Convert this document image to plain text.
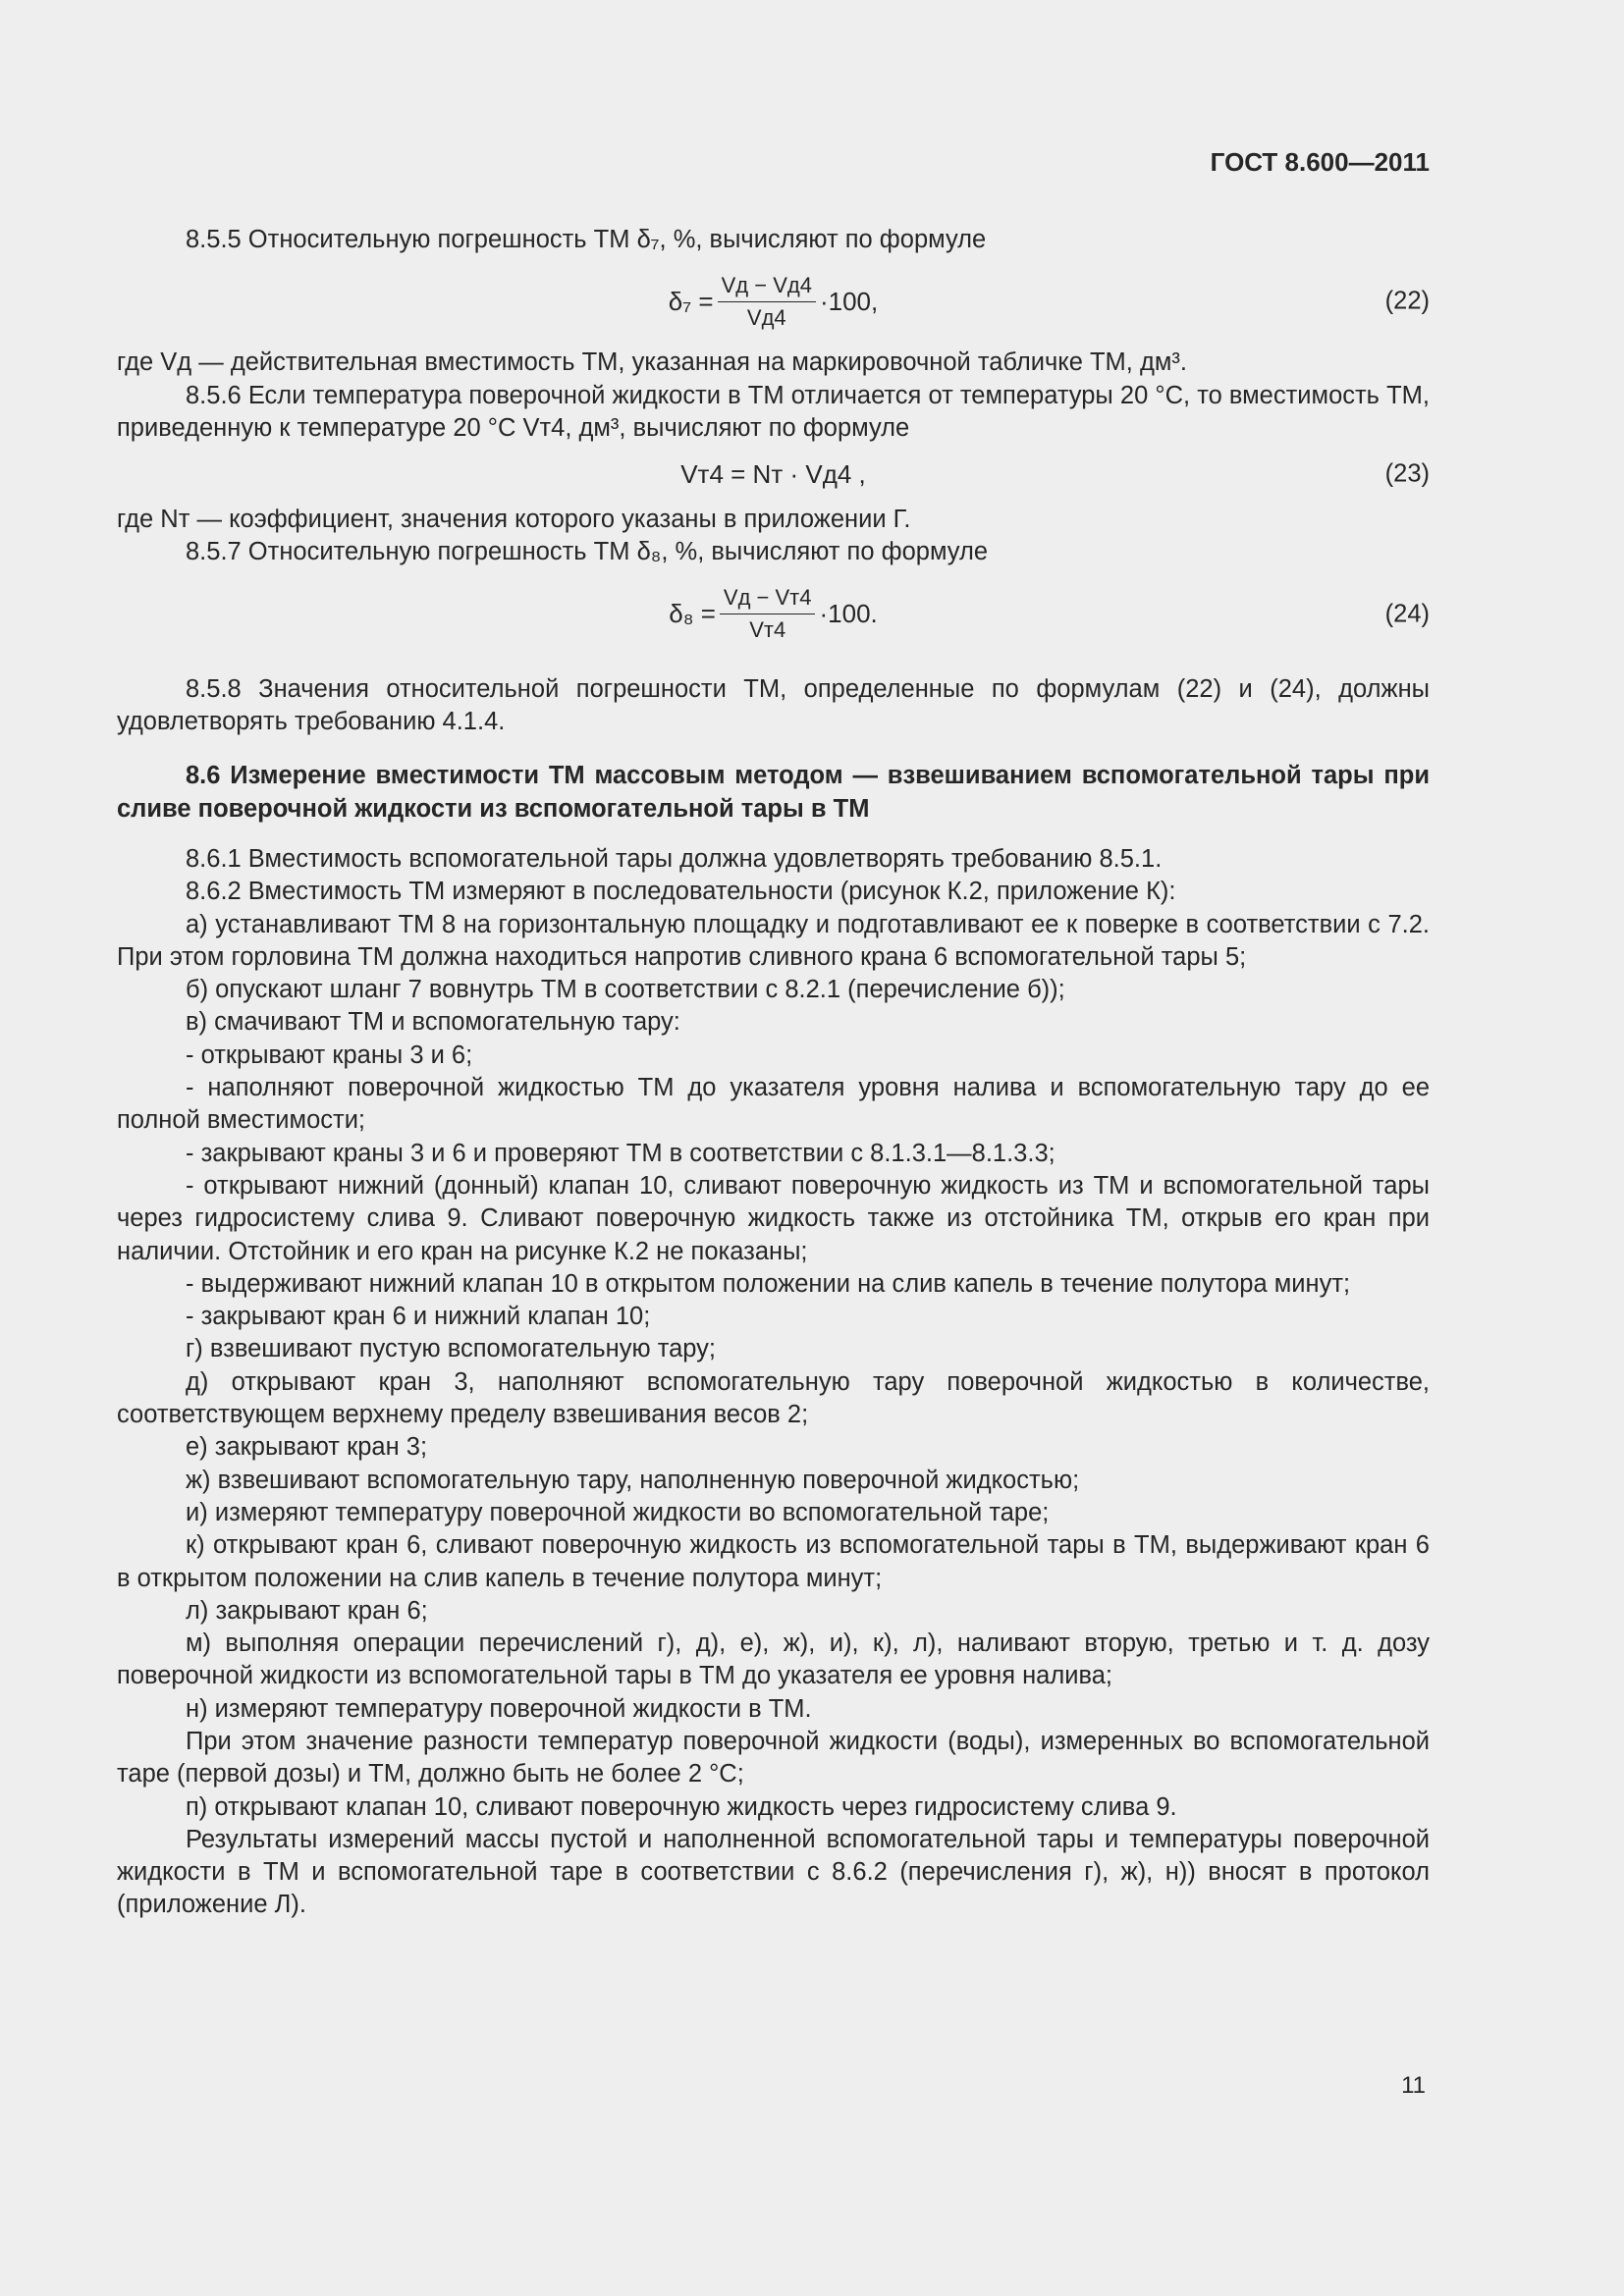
ГОСТ 8.600—2011

8.5.5 Относительную погрешность ТМ δ₇, %, вычисляют по формуле

$\delta_7 = \frac{Vд - Vд4}{Vд4} \cdot 100$,	(22)

где Vд — действительная вместимость ТМ, указанная на маркировочной табличке ТМ, дм³.

8.5.6 Если температура поверочной жидкости в ТМ отличается от температуры 20 °С, то вместимость ТМ, приведенную к температуре 20 °С Vт4, дм³, вычисляют по формуле

Vт4 = Nт · Vд4 ,	(23)

где Nт — коэффициент, значения которого указаны в приложении Г.

8.5.7 Относительную погрешность ТМ δ₈, %, вычисляют по формуле

$\delta_8 = \frac{Vд - Vт4}{Vт4} \cdot 100$.	(24)

8.5.8 Значения относительной погрешности ТМ, определенные по формулам (22) и (24), должны удовлетворять требованию 4.1.4.

8.6 Измерение вместимости ТМ массовым методом — взвешиванием вспомогательной тары при сливе поверочной жидкости из вспомогательной тары в ТМ

8.6.1 Вместимость вспомогательной тары должна удовлетворять требованию 8.5.1.

8.6.2 Вместимость ТМ измеряют в последовательности (рисунок К.2, приложение К):

а) устанавливают ТМ 8 на горизонтальную площадку и подготавливают ее к поверке в соответствии с 7.2. При этом горловина ТМ должна находиться напротив сливного крана 6 вспомогательной тары 5;

б) опускают шланг 7 вовнутрь ТМ в соответствии с 8.2.1 (перечисление б));

в) смачивают ТМ и вспомогательную тару:

- открывают краны 3 и 6;

- наполняют поверочной жидкостью ТМ до указателя уровня налива и вспомогательную тару до ее полной вместимости;

- закрывают краны 3 и 6 и проверяют ТМ в соответствии с 8.1.3.1—8.1.3.3;

- открывают нижний (донный) клапан 10, сливают поверочную жидкость из ТМ и вспомогательной тары через гидросистему слива 9. Сливают поверочную жидкость также из отстойника ТМ, открыв его кран при наличии. Отстойник и его кран на рисунке К.2 не показаны;

- выдерживают нижний клапан 10 в открытом положении на слив капель в течение полутора минут;

- закрывают кран 6 и нижний клапан 10;

г) взвешивают пустую вспомогательную тару;

д) открывают кран 3, наполняют вспомогательную тару поверочной жидкостью в количестве, соответствующем верхнему пределу взвешивания весов 2;

е) закрывают кран 3;

ж) взвешивают вспомогательную тару, наполненную поверочной жидкостью;

и) измеряют температуру поверочной жидкости во вспомогательной таре;

к) открывают кран 6, сливают поверочную жидкость из вспомогательной тары в ТМ, выдерживают кран 6 в открытом положении на слив капель в течение полутора минут;

л) закрывают кран 6;

м) выполняя операции перечислений г), д), е), ж), и), к), л), наливают вторую, третью и т. д. дозу поверочной жидкости из вспомогательной тары в ТМ до указателя ее уровня налива;

н) измеряют температуру поверочной жидкости в ТМ.

При этом значение разности температур поверочной жидкости (воды), измеренных во вспомогательной таре (первой дозы) и ТМ, должно быть не более 2 °С;

п) открывают клапан 10, сливают поверочную жидкость через гидросистему слива 9.

Результаты измерений массы пустой и наполненной вспомогательной тары и температуры поверочной жидкости в ТМ и вспомогательной таре в соответствии с 8.6.2 (перечисления г), ж), н)) вносят в протокол (приложение Л).

11
